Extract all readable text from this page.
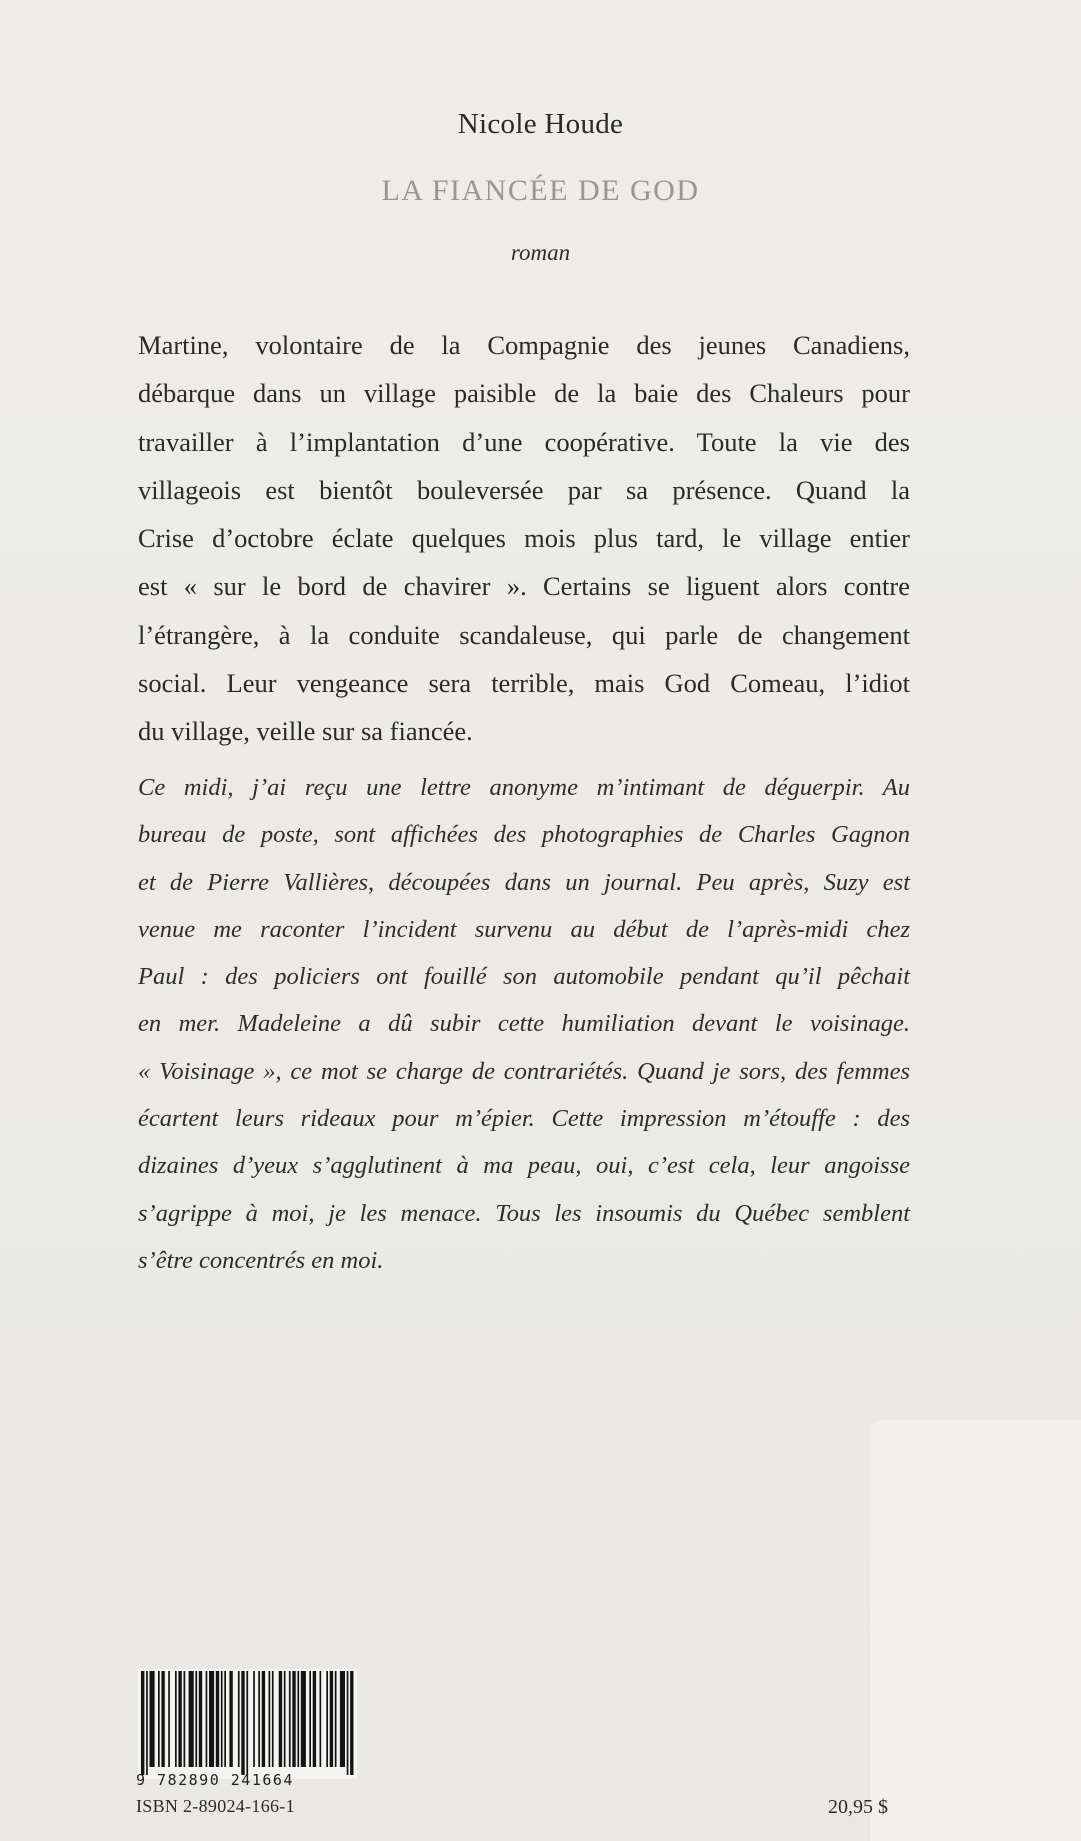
Nicole Houde
LA FIANCÉE DE GOD
roman
Martine, volontaire de la Compagnie des jeunes Canadiens,
débarque dans un village paisible de la baie des Chaleurs pour
travailler à l’implantation d’une coopérative. Toute la vie des
villageois est bientôt bouleversée par sa présence. Quand la
Crise d’octobre éclate quelques mois plus tard, le village entier
est « sur le bord de chavirer ». Certains se liguent alors contre
l’étrangère, à la conduite scandaleuse, qui parle de changement
social. Leur vengeance sera terrible, mais God Comeau, l’idiot
du village, veille sur sa fiancée.
Ce midi, j’ai reçu une lettre anonyme m’intimant de déguerpir. Au
bureau de poste, sont affichées des photographies de Charles Gagnon
et de Pierre Vallières, découpées dans un journal. Peu après, Suzy est
venue me raconter l’incident survenu au début de l’après-midi chez
Paul : des policiers ont fouillé son automobile pendant qu’il pêchait
en mer. Madeleine a dû subir cette humiliation devant le voisinage.
« Voisinage », ce mot se charge de contrariétés. Quand je sors, des femmes
écartent leurs rideaux pour m’épier. Cette impression m’étouffe : des
dizaines d’yeux s’agglutinent à ma peau, oui, c’est cela, leur angoisse
s’agrippe à moi, je les menace. Tous les insoumis du Québec semblent
s’être concentrés en moi.
9 782890 241664
ISBN 2-89024-166-1	20,95 $
